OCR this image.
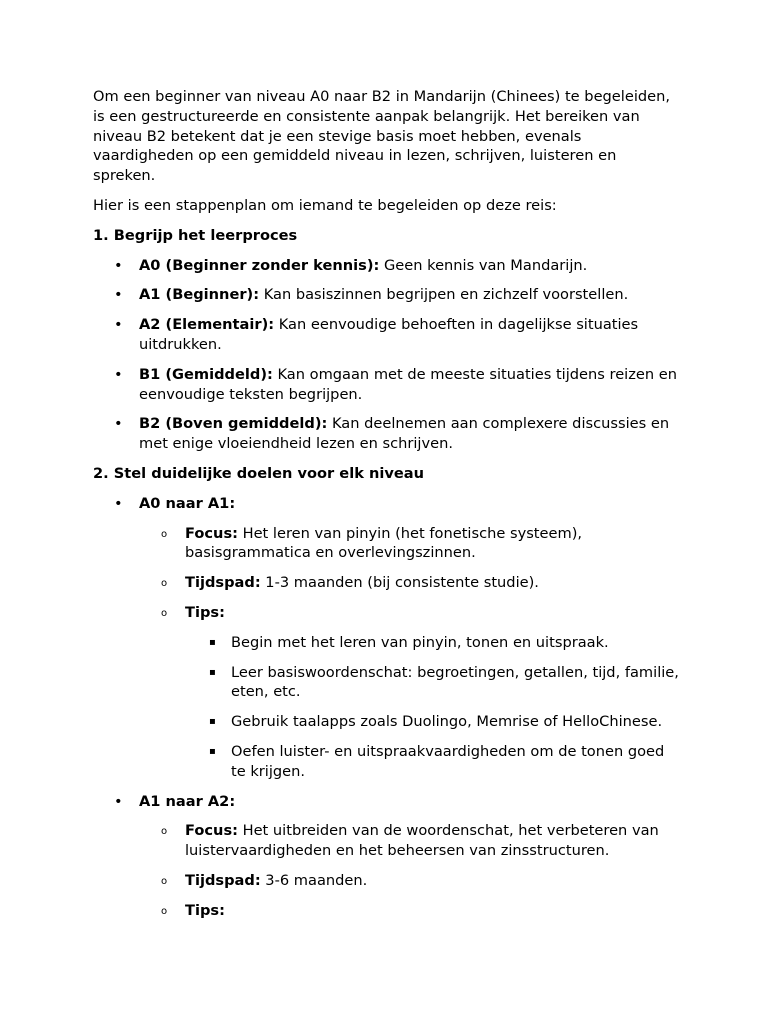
Om een beginner van niveau A0 naar B2 in Mandarijn (Chinees) te begeleiden, is een gestructureerde en consistente aanpak belangrijk. Het bereiken van niveau B2 betekent dat je een stevige basis moet hebben, evenals vaardigheden op een gemiddeld niveau in lezen, schrijven, luisteren en spreken.

Hier is een stappenplan om iemand te begeleiden op deze reis:

1. Begrijp het leerproces

• A0 (Beginner zonder kennis): Geen kennis van Mandarijn.
• A1 (Beginner): Kan basiszinnen begrijpen en zichzelf voorstellen.
• A2 (Elementair): Kan eenvoudige behoeften in dagelijkse situaties uitdrukken.
• B1 (Gemiddeld): Kan omgaan met de meeste situaties tijdens reizen en eenvoudige teksten begrijpen.
• B2 (Boven gemiddeld): Kan deelnemen aan complexere discussies en met enige vloeiendheid lezen en schrijven.

2. Stel duidelijke doelen voor elk niveau

• A0 naar A1:
o Focus: Het leren van pinyin (het fonetische systeem), basisgrammatica en overlevingszinnen.
o Tijdspad: 1-3 maanden (bij consistente studie).
o Tips:
▪ Begin met het leren van pinyin, tonen en uitspraak.
▪ Leer basiswoordenschat: begroetingen, getallen, tijd, familie, eten, etc.
▪ Gebruik taalapps zoals Duolingo, Memrise of HelloChinese.
▪ Oefen luister- en uitspraakvaardigheden om de tonen goed te krijgen.
• A1 naar A2:
o Focus: Het uitbreiden van de woordenschat, het verbeteren van luistervaardigheden en het beheersen van zinsstructuren.
o Tijdspad: 3-6 maanden.
o Tips:
